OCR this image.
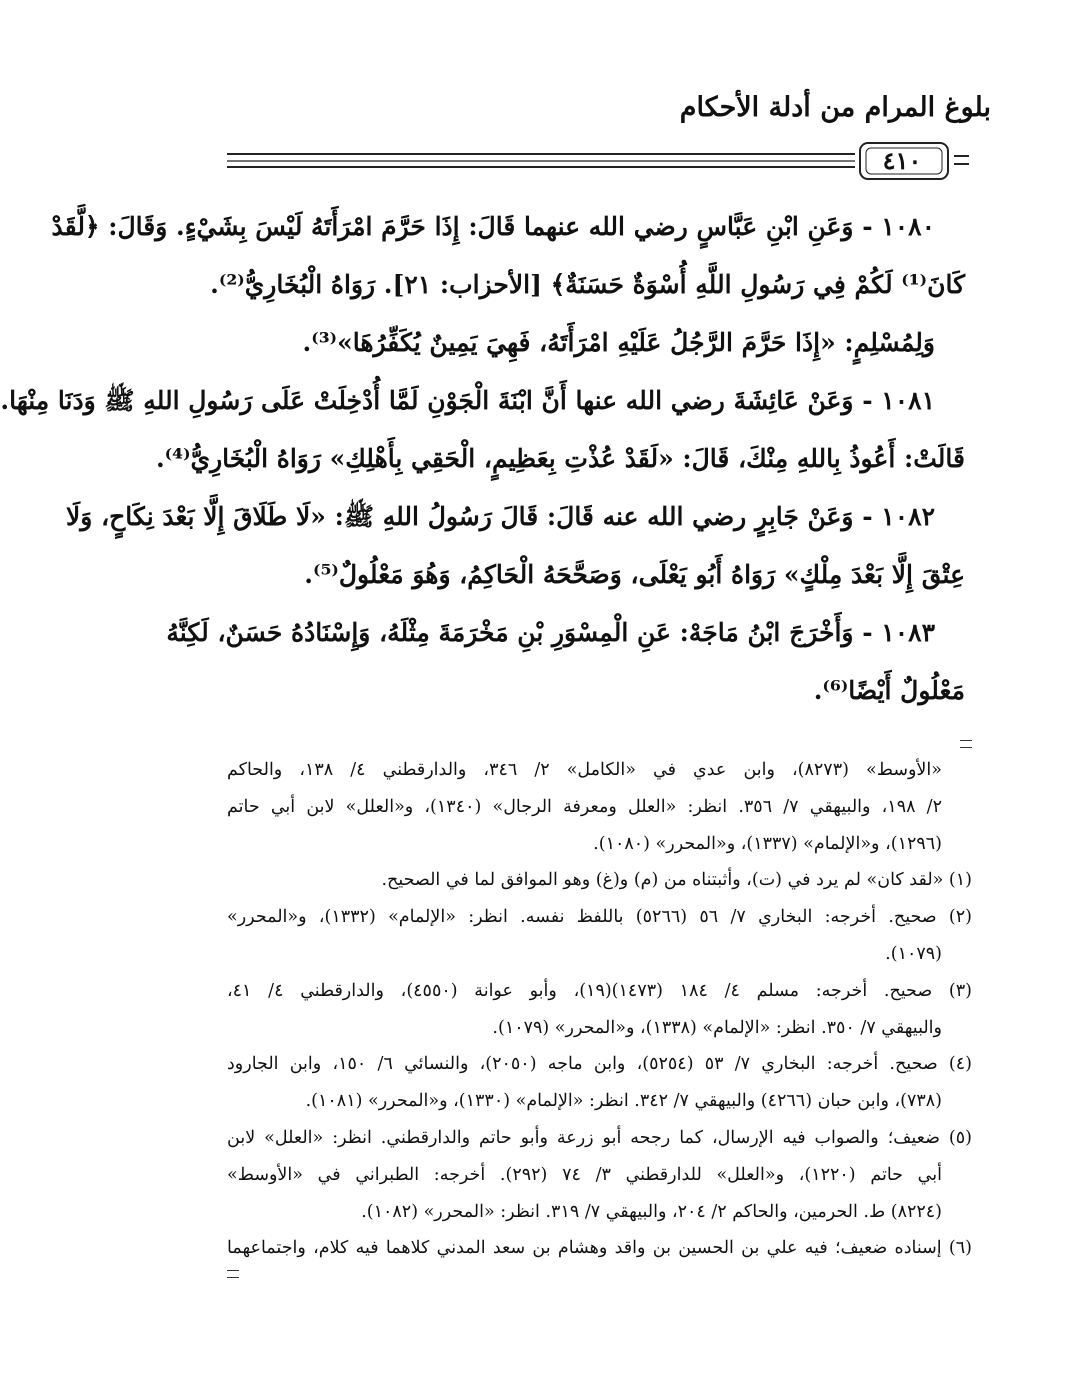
بلوغ المرام من أدلة الأحكام
٤١٠
١٠٨٠ - وَعَنِ ابْنِ عَبَّاسٍ رضي الله عنهما قَالَ: إِذَا حَرَّمَ امْرَأَتَهُ لَيْسَ بِشَيْءٍ. وَقَالَ: ﴿لَّقَدْ
كَانَ⁽¹⁾ لَكُمْ فِي رَسُولِ اللَّهِ أُسْوَةٌ حَسَنَةٌ﴾ [الأحزاب: ٢١]. رَوَاهُ الْبُخَارِيُّ⁽²⁾.
وَلِمُسْلِمٍ: «إِذَا حَرَّمَ الرَّجُلُ عَلَيْهِ امْرَأَتَهُ، فَهِيَ يَمِينٌ يُكَفِّرُهَا»⁽³⁾.
١٠٨١ - وَعَنْ عَائِشَةَ رضي الله عنها أَنَّ ابْنَةَ الْجَوْنِ لَمَّا أُدْخِلَتْ عَلَى رَسُولِ اللهِ ﷺ وَدَنَا مِنْهَا.
قَالَتْ: أَعُوذُ بِاللهِ مِنْكَ، قَالَ: «لَقَدْ عُذْتِ بِعَظِيمٍ، الْحَقِي بِأَهْلِكِ» رَوَاهُ الْبُخَارِيُّ⁽⁴⁾.
١٠٨٢ - وَعَنْ جَابِرٍ رضي الله عنه قَالَ: قَالَ رَسُولُ اللهِ ﷺ: «لَا طَلَاقَ إِلَّا بَعْدَ نِكَاحٍ، وَلَا
عِتْقَ إِلَّا بَعْدَ مِلْكٍ» رَوَاهُ أَبُو يَعْلَى، وَصَحَّحَهُ الْحَاكِمُ، وَهُوَ مَعْلُولٌ⁽⁵⁾.
١٠٨٣ - وَأَخْرَجَ ابْنُ مَاجَهْ: عَنِ الْمِسْوَرِ بْنِ مَخْرَمَةَ مِثْلَهُ، وَإِسْنَادُهُ حَسَنٌ، لَكِنَّهُ
مَعْلُولٌ أَيْضًا⁽⁶⁾.
«الأوسط» (٨٢٧٣)، وابن عدي في «الكامل» ٢/ ٣٤٦، والدارقطني ٤/ ١٣٨، والحاكم
٢/ ١٩٨، والبيهقي ٧/ ٣٥٦. انظر: «العلل ومعرفة الرجال» (١٣٤٠)، و«العلل» لابن أبي حاتم
(١٢٩٦)، و«الإلمام» (١٣٣٧)، و«المحرر» (١٠٨٠).
(١) «لقد كان» لم يرد في (ت)، وأثبتناه من (م) و(غ) وهو الموافق لما في الصحيح.
(٢) صحيح. أخرجه: البخاري ٧/ ٥٦ (٥٢٦٦) باللفظ نفسه. انظر: «الإلمام» (١٣٣٢)، و«المحرر»
(١٠٧٩).
(٣) صحيح. أخرجه: مسلم ٤/ ١٨٤ (١٤٧٣)(١٩)، وأبو عوانة (٤٥٥٠)، والدارقطني ٤/ ٤١،
والبيهقي ٧/ ٣٥٠. انظر: «الإلمام» (١٣٣٨)، و«المحرر» (١٠٧٩).
(٤) صحيح. أخرجه: البخاري ٧/ ٥٣ (٥٢٥٤)، وابن ماجه (٢٠٥٠)، والنسائي ٦/ ١٥٠، وابن الجارود
(٧٣٨)، وابن حبان (٤٢٦٦) والبيهقي ٧/ ٣٤٢. انظر: «الإلمام» (١٣٣٠)، و«المحرر» (١٠٨١).
(٥) ضعيف؛ والصواب فيه الإرسال، كما رجحه أبو زرعة وأبو حاتم والدارقطني. انظر: «العلل» لابن
أبي حاتم (١٢٢٠)، و«العلل» للدارقطني ٣/ ٧٤ (٢٩٢). أخرجه: الطبراني في «الأوسط»
(٨٢٢٤) ط. الحرمين، والحاكم ٢/ ٢٠٤، والبيهقي ٧/ ٣١٩. انظر: «المحرر» (١٠٨٢).
(٦) إسناده ضعيف؛ فيه علي بن الحسين بن واقد وهشام بن سعد المدني كلاهما فيه كلام، واجتماعهما
